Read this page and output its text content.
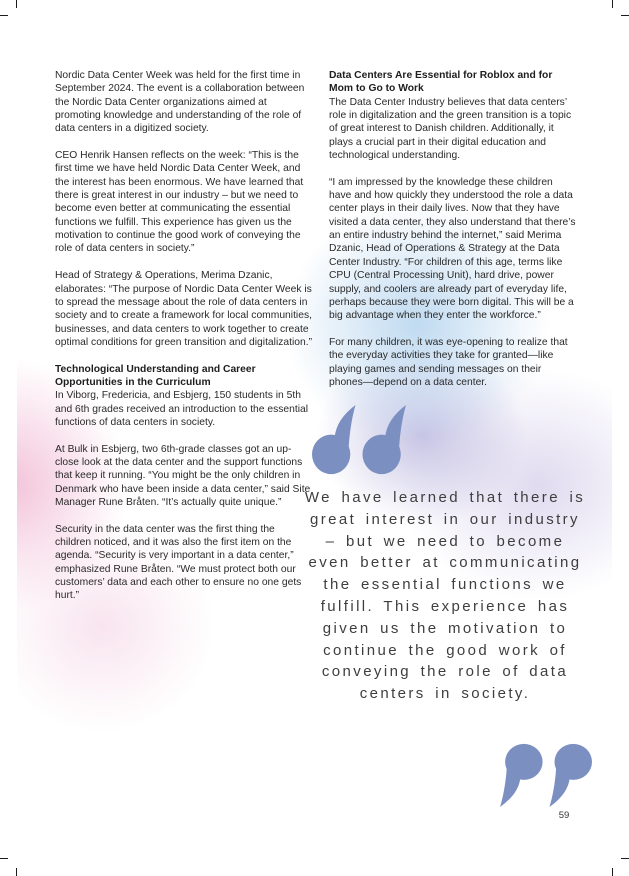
Nordic Data Center Week was held for the first time in September 2024. The event is a collaboration between the Nordic Data Center organizations aimed at promoting knowledge and understanding of the role of data centers in a digitized society.

CEO Henrik Hansen reflects on the week: “This is the first time we have held Nordic Data Center Week, and the interest has been enormous. We have learned that there is great interest in our industry – but we need to become even better at communicating the essential functions we fulfill. This experience has given us the motivation to continue the good work of conveying the role of data centers in society.”

Head of Strategy & Operations, Merima Dzanic, elaborates: “The purpose of Nordic Data Center Week is to spread the message about the role of data centers in society and to create a framework for local communities, businesses, and data centers to work together to create optimal conditions for green transition and digitalization.”

Technological Understanding and Career Opportunities in the Curriculum

In Viborg, Fredericia, and Esbjerg, 150 students in 5th and 6th grades received an introduction to the essential functions of data centers in society.

At Bulk in Esbjerg, two 6th-grade classes got an up-close look at the data center and the support functions that keep it running. “You might be the only children in Denmark who have been inside a data center,” said Site Manager Rune Bråten. “It’s actually quite unique.”

Security in the data center was the first thing the children noticed, and it was also the first item on the agenda. “Security is very important in a data center,” emphasized Rune Bråten. “We must protect both our customers’ data and each other to ensure no one gets hurt.”

Data Centers Are Essential for Roblox and for Mom to Go to Work

The Data Center Industry believes that data centers’ role in digitalization and the green transition is a topic of great interest to Danish children. Additionally, it plays a crucial part in their digital education and technological understanding.

“I am impressed by the knowledge these children have and how quickly they understood the role a data center plays in their daily lives. Now that they have visited a data center, they also understand that there’s an entire industry behind the internet,” said Merima Dzanic, Head of Operations & Strategy at the Data Center Industry. “For children of this age, terms like CPU (Central Processing Unit), hard drive, power supply, and coolers are already part of everyday life, perhaps because they were born digital. This will be a big advantage when they enter the workforce.”

For many children, it was eye-opening to realize that the everyday activities they take for granted—like playing games and sending messages on their phones—depend on a data center.

We have learned that there is great interest in our industry – but we need to become even better at communicating the essential functions we fulfill. This experience has given us the motivation to continue the good work of conveying the role of data centers in society.
59
